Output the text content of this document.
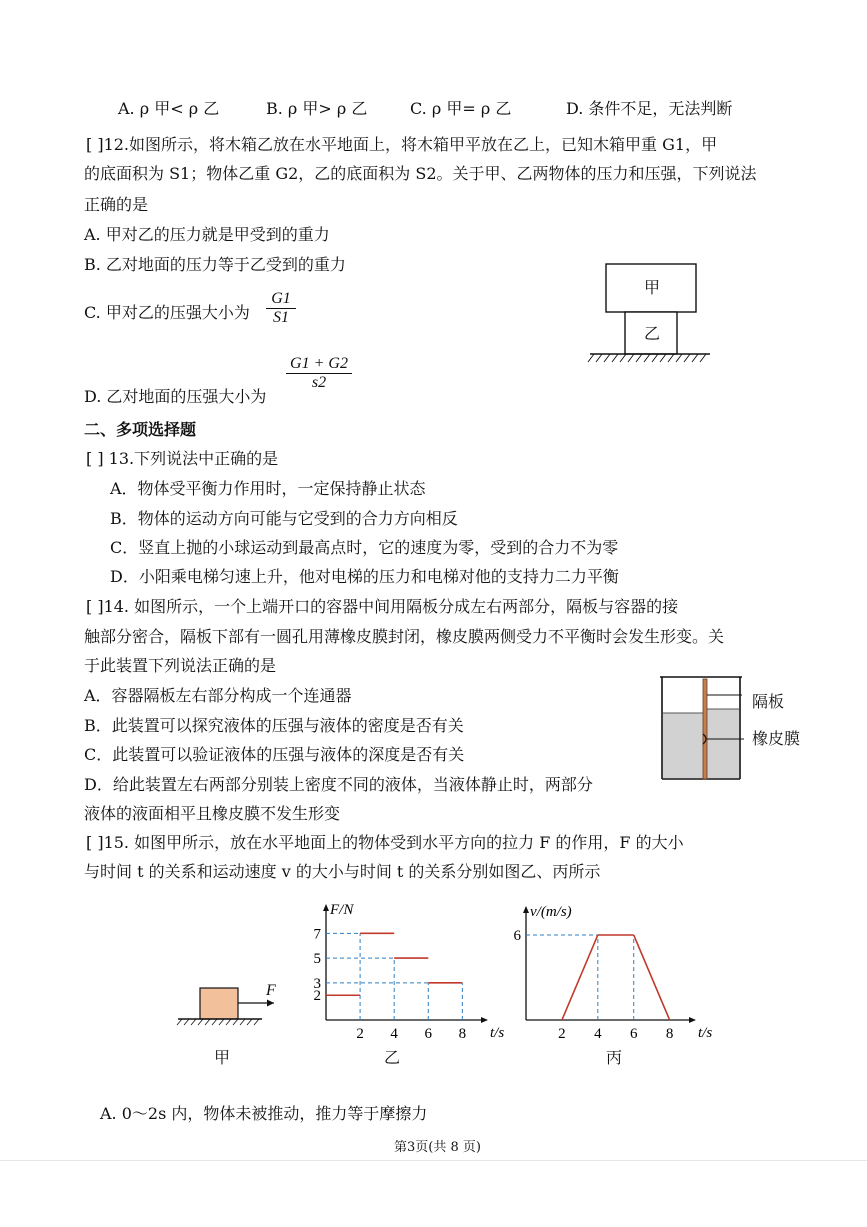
A. ρ 甲< ρ 乙	B. ρ 甲> ρ 乙	C. ρ 甲= ρ 乙	D. 条件不足，无法判断
[ ]12.如图所示，将木箱乙放在水平地面上，将木箱甲平放在乙上，已知木箱甲重 G1，甲
的底面积为 S1；物体乙重 G2，乙的底面积为 S2。关于甲、乙两物体的压力和压强，下列说法
正确的是
A. 甲对乙的压力就是甲受到的重力
B. 乙对地面的压力等于乙受到的重力
C. 甲对乙的压强大小为 $\frac{G1}{S1}$
D. 乙对地面的压强大小为
$\frac{G1 + G2}{s2}$
甲
乙
二、多项选择题
[ ] 13.下列说法中正确的是
A．物体受平衡力作用时，一定保持静止状态
B．物体的运动方向可能与它受到的合力方向相反
C．竖直上抛的小球运动到最高点时，它的速度为零，受到的合力不为零
D．小阳乘电梯匀速上升，他对电梯的压力和电梯对他的支持力二力平衡
[ ]14. 如图所示，一个上端开口的容器中间用隔板分成左右两部分，隔板与容器的接
触部分密合，隔板下部有一圆孔用薄橡皮膜封闭，橡皮膜两侧受力不平衡时会发生形变。关
于此装置下列说法正确的是
A．容器隔板左右部分构成一个连通器
B．此装置可以探究液体的压强与液体的密度是否有关
C．此装置可以验证液体的压强与液体的深度是否有关
D．给此装置左右两部分别装上密度不同的液体，当液体静止时，两部分
液体的液面相平且橡皮膜不发生形变
隔板
橡皮膜
[ ]15. 如图甲所示，放在水平地面上的物体受到水平方向的拉力 F 的作用，F 的大小
与时间 t 的关系和运动速度 v 的大小与时间 t 的关系分别如图乙、丙所示
F
甲
t/s
F/N
2 4 6 8
2
3
5
7
乙
t/s
v/(m/s)
2 4 6 8
6
丙
A. 0～2s 内，物体未被推动，推力等于摩擦力
第3页(共 8 页)
